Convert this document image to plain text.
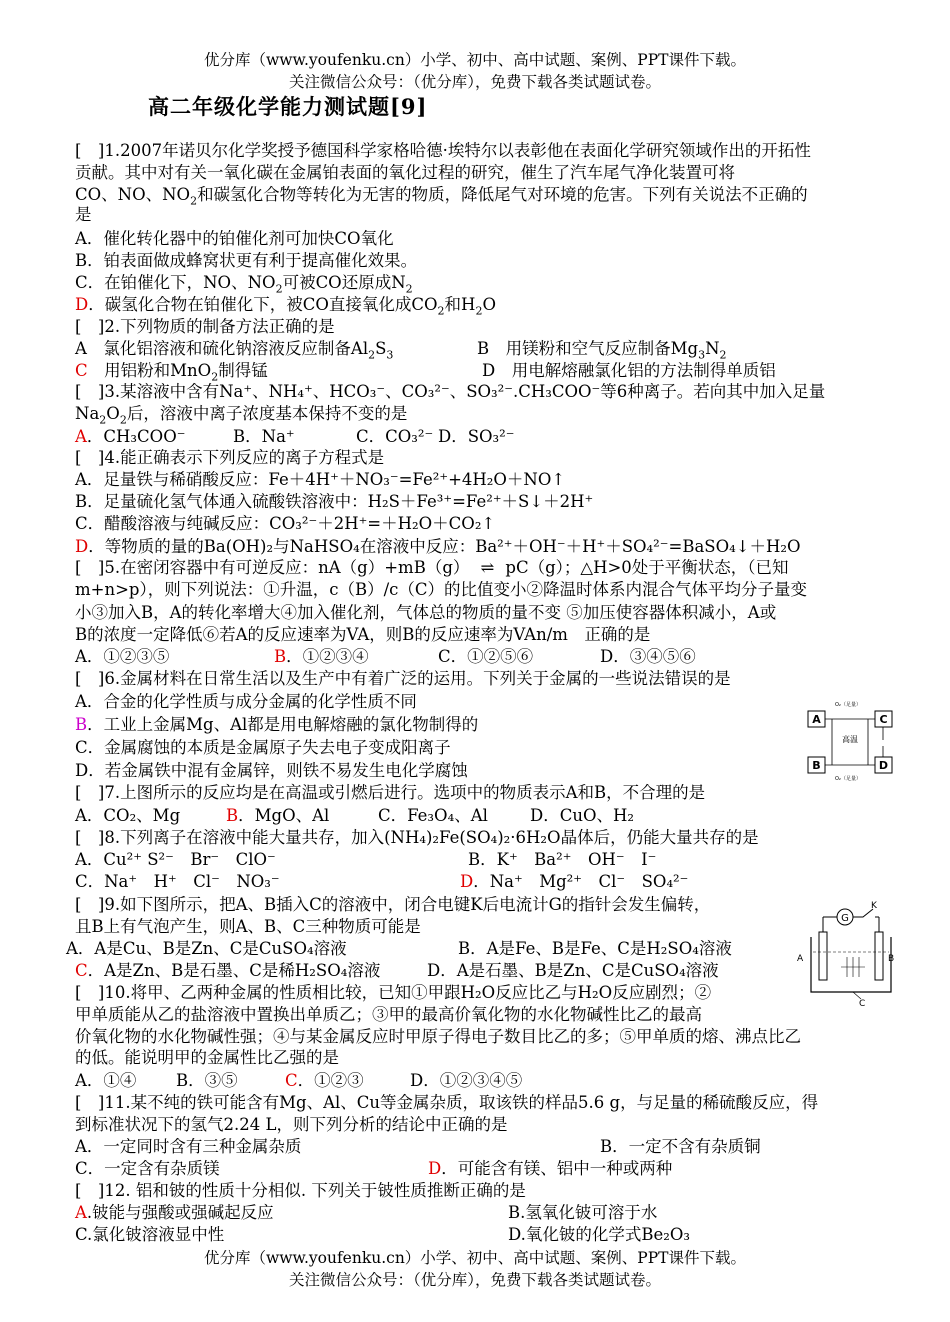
优分库（www.youfenku.cn）小学、初中、高中试题、案例、PPT课件下载。
关注微信公众号：（优分库），免费下载各类试题试卷。
高二年级化学能力测试题[9]
[　]1.2007年诺贝尔化学奖授予德国科学家格哈德·埃特尔以表彰他在表面化学研究领域作出的开拓性
贡献。其中对有关一氧化碳在金属铂表面的氧化过程的研究，催生了汽车尾气净化装置可将
CO、NO、$NO_2$和碳氢化合物等转化为无害的物质，降低尾气对环境的危害。下列有关说法不正确的
是
A．催化转化器中的铂催化剂可加快CO氧化
B．铂表面做成蜂窝状更有利于提高催化效果。
C．在铂催化下，NO、$NO_2$可被CO还原成$N_2$
D．碳氢化合物在铂催化下，被CO直接氧化成$CO_2$和$H_2O$
[　]2.下列物质的制备方法正确的是
A　氯化铝溶液和硫化钠溶液反应制备$Al_2S_3$	B　用镁粉和空气反应制备$Mg_3N_2$
C　用铝粉和MnO$_2$制得锰	D　用电解熔融氯化铝的方法制得单质铝
[　]3.某溶液中含有Na⁺、NH₄⁺、HCO₃⁻、CO₃²⁻、SO₃²⁻.CH₃COO⁻等6种离子。若向其中加入足量
$Na_2O_2$后，溶液中离子浓度基本保持不变的是
A．CH₃COO⁻	B．Na⁺	C．CO₃²⁻ D．SO₃²⁻
[　]4.能正确表示下列反应的离子方程式是
A．足量铁与稀硝酸反应：Fe＋4H⁺＋NO₃⁻=Fe²⁺+4H₂O＋NO↑
B．足量硫化氢气体通入硫酸铁溶液中：H₂S＋Fe³⁺=Fe²⁺＋S↓＋2H⁺
C．醋酸溶液与纯碱反应：CO₃²⁻＋2H⁺=＋H₂O＋CO₂↑
D．等物质的量的Ba(OH)₂与NaHSO₄在溶液中反应：Ba²⁺＋OH⁻＋H⁺＋SO₄²⁻=BaSO₄↓＋H₂O
[　]5.在密闭容器中有可逆反应：nA（g）+mB（g） ⇌ pC（g）；△H>0处于平衡状态，（已知
m+n>p），则下列说法：①升温，c（B）/c（C）的比值变小②降温时体系内混合气体平均分子量变
小③加入B，A的转化率增大④加入催化剂，气体总的物质的量不变 ⑤加压使容器体积减小，A或
B的浓度一定降低⑥若A的反应速率为VA，则B的反应速率为VAn/m　正确的是
A．①②③⑤	B．①②③④	C．①②⑤⑥	D．③④⑤⑥
[　]6.金属材料在日常生活以及生产中有着广泛的运用。下列关于金属的一些说法错误的是
A．合金的化学性质与成分金属的化学性质不同
B．工业上金属Mg、Al都是用电解熔融的氯化物制得的
C．金属腐蚀的本质是金属原子失去电子变成阳离子
D．若金属铁中混有金属锌，则铁不易发生电化学腐蚀
[　]7.上图所示的反应均是在高温或引燃后进行。选项中的物质表示A和B，不合理的是
A．CO₂、Mg	B．MgO、Al	C．Fe₃O₄、Al	D．CuO、H₂
[　]8.下列离子在溶液中能大量共存，加入(NH₄)₂Fe(SO₄)₂·6H₂O晶体后，仍能大量共存的是
A．Cu²⁺ S²⁻　Br⁻　ClO⁻	B．K⁺　Ba²⁺　OH⁻　I⁻
C．Na⁺　H⁺　Cl⁻　NO₃⁻	D．Na⁺　Mg²⁺　Cl⁻　SO₄²⁻
[　]9.如下图所示，把A、B插入C的溶液中，闭合电键K后电流计G的指针会发生偏转，
且B上有气泡产生，则A、B、C三种物质可能是
A．A是Cu、B是Zn、C是CuSO₄溶液	B．A是Fe、B是Fe、C是H₂SO₄溶液
C．A是Zn、B是石墨、C是稀H₂SO₄溶液	D．A是石墨、B是Zn、C是CuSO₄溶液
[　]10.将甲、乙两种金属的性质相比较，已知①甲跟H₂O反应比乙与H₂O反应剧烈；②
甲单质能从乙的盐溶液中置换出单质乙；③甲的最高价氧化物的水化物碱性比乙的最高
价氧化物的水化物碱性强；④与某金属反应时甲原子得电子数目比乙的多；⑤甲单质的熔、沸点比乙
的低。能说明甲的金属性比乙强的是
A．①④ B．③⑤	C．①②③	D．①②③④⑤
[　]11.某不纯的铁可能含有Mg、Al、Cu等金属杂质，取该铁的样品5.6 g，与足量的稀硫酸反应，得
到标准状况下的氢气2.24 L，则下列分析的结论中正确的是
A．一定同时含有三种金属杂质	B．一定不含有杂质铜
C．一定含有杂质镁	D．可能含有镁、铝中一种或两种
[　]12. 铝和铍的性质十分相似. 下列关于铍性质推断正确的是
A.铍能与强酸或强碱起反应	B.氢氧化铍可溶于水
C.氯化铍溶液显中性	D.氧化铍的化学式Be₂O₃
优分库（www.youfenku.cn）小学、初中、高中试题、案例、PPT课件下载。
关注微信公众号：（优分库），免费下载各类试题试卷。
O₂（足量）
A	C
B	D
高温
O₂（足量）
G
K
A	B
C
